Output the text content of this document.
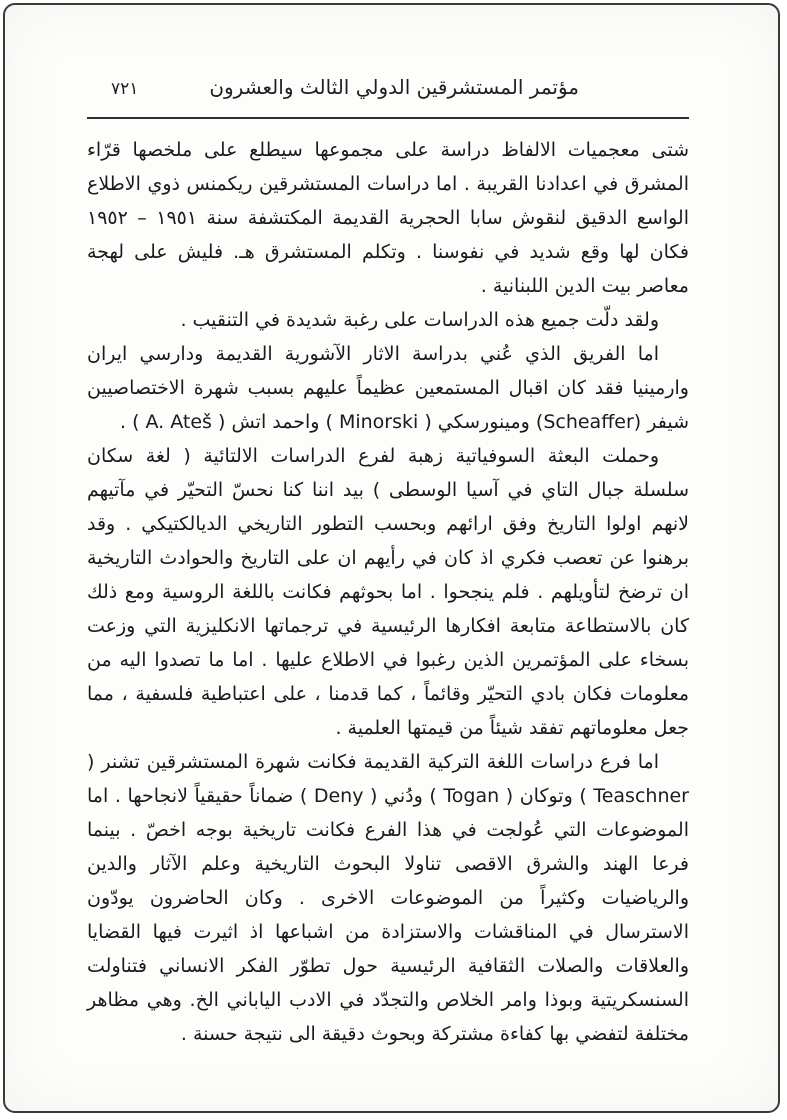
مؤتمر المستشرقين الدولي الثالث والعشرون
٧٢١

شتى معجميات الالفاظ دراسة على مجموعها سيطلع على ملخصها قرّاء المشرق في اعدادنا القريبة . اما دراسات المستشرقين ريكمنس ذوي الاطلاع الواسع الدقيق لنقوش سابا الحجرية القديمة المكتشفة سنة ١٩٥١ – ١٩٥٢ فكان لها وقع شديد في نفوسنا . وتكلم المستشرق هـ. فليش على لهجة معاصر بيت الدين اللبنانية .

ولقد دلّت جميع هذه الدراسات على رغبة شديدة في التنقيب .

اما الفريق الذي عُني بدراسة الاثار الآشورية القديمة ودارسي ايران وارمينيا فقد كان اقبال المستمعين عظيماً عليهم بسبب شهرة الاختصاصيين شيفر (Scheaffer) ومينورسكي ( Minorski ) واحمد اتش ( A. Ateš ) .

وحملت البعثة السوفياتية زهبة لفرع الدراسات الالتائية ( لغة سكان سلسلة جبال التاي في آسيا الوسطى ) بيد اننا كنا نحسّ التحيّر في مآتيهم لانهم اولوا التاريخ وفق ارائهم وبحسب التطور التاريخي الديالكتيكي . وقد برهنوا عن تعصب فكري اذ كان في رأيهم ان على التاريخ والحوادث التاريخية ان ترضخ لتأويلهم . فلم ينجحوا . اما بحوثهم فكانت باللغة الروسية ومع ذلك كان بالاستطاعة متابعة افكارها الرئيسية في ترجماتها الانكليزية التي وزعت بسخاء على المؤتمرين الذين رغبوا في الاطلاع عليها . اما ما تصدوا اليه من معلومات فكان بادي التحيّر وقائماً ، كما قدمنا ، على اعتباطية فلسفية ، مما جعل معلوماتهم تفقد شيئاً من قيمتها العلمية .

اما فرع دراسات اللغة التركية القديمة فكانت شهرة المستشرقين تشنر ( Teaschner ) وتوكان ( Togan ) ودُني ( Deny ) ضماناً حقيقياً لانجاحها . اما الموضوعات التي عُولجت في هذا الفرع فكانت تاريخية بوجه اخصّ . بينما فرعا الهند والشرق الاقصى تناولا البحوث التاريخية وعلم الآثار والدين والرياضيات وكثيراً من الموضوعات الاخرى . وكان الحاضرون يودّون الاسترسال في المناقشات والاستزادة من اشباعها اذ اثيرت فيها القضايا والعلاقات والصلات الثقافية الرئيسية حول تطوّر الفكر الانساني فتناولت السنسكريتية وبوذا وامر الخلاص والتجدّد في الادب الياباني الخ. وهي مظاهر مختلفة لتفضي بها كفاءة مشتركة وبحوث دقيقة الى نتيجة حسنة .
